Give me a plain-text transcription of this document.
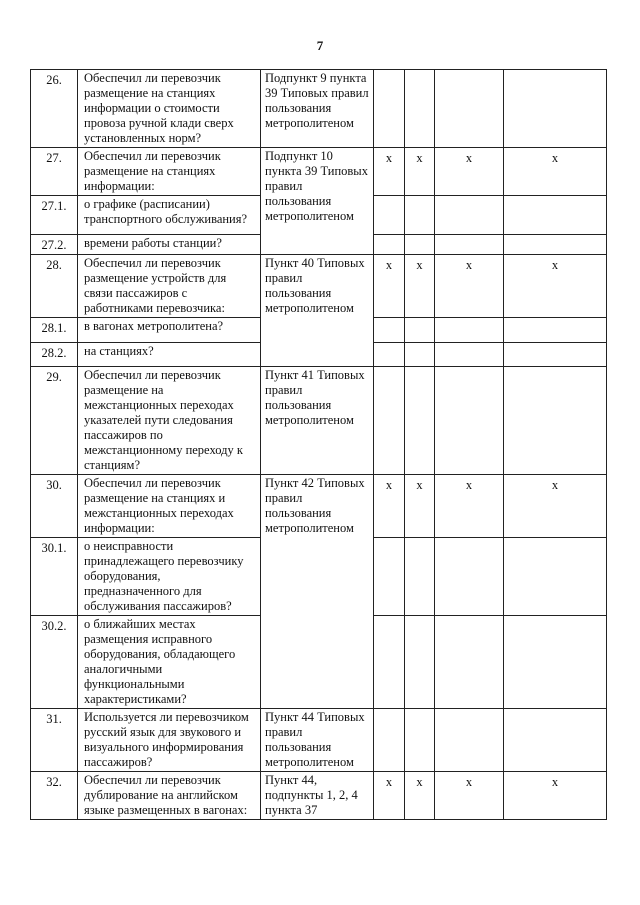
7
26.	Обеспечил ли перевозчик размещение на станциях информации о стоимости провоза ручной клади сверх установленных норм?	Подпункт 9 пункта 39 Типовых правил пользования метрополитеном				
27.	Обеспечил ли перевозчик размещение на станциях информации:	Подпункт 10 пункта 39 Типовых правил пользования метрополитеном	x	x	x	x
27.1.	о графике (расписании) транспортного обслуживания?					
27.2.	времени работы станции?					
28.	Обеспечил ли перевозчик размещение устройств для связи пассажиров с работниками перевозчика:	Пункт 40 Типовых правил пользования метрополитеном	x	x	x	x
28.1.	в вагонах метрополитена?					
28.2.	на станциях?					
29.	Обеспечил ли перевозчик размещение на межстанционных переходах указателей пути следования пассажиров по межстанционному переходу к станциям?	Пункт 41 Типовых правил пользования метрополитеном				
30.	Обеспечил ли перевозчик размещение на станциях и межстанционных переходах информации:	Пункт 42 Типовых правил пользования метрополитеном	x	x	x	x
30.1.	о неисправности принадлежащего перевозчику оборудования, предназначенного для обслуживания пассажиров?					
30.2.	о ближайших местах размещения исправного оборудования, обладающего аналогичными функциональными характеристиками?					
31.	Используется ли перевозчиком русский язык для звукового и визуального информирования пассажиров?	Пункт 44 Типовых правил пользования метрополитеном				
32.	Обеспечил ли перевозчик дублирование на английском языке размещенных в вагонах:	Пункт 44, подпункты 1, 2, 4 пункта 37	x	x	x	x
